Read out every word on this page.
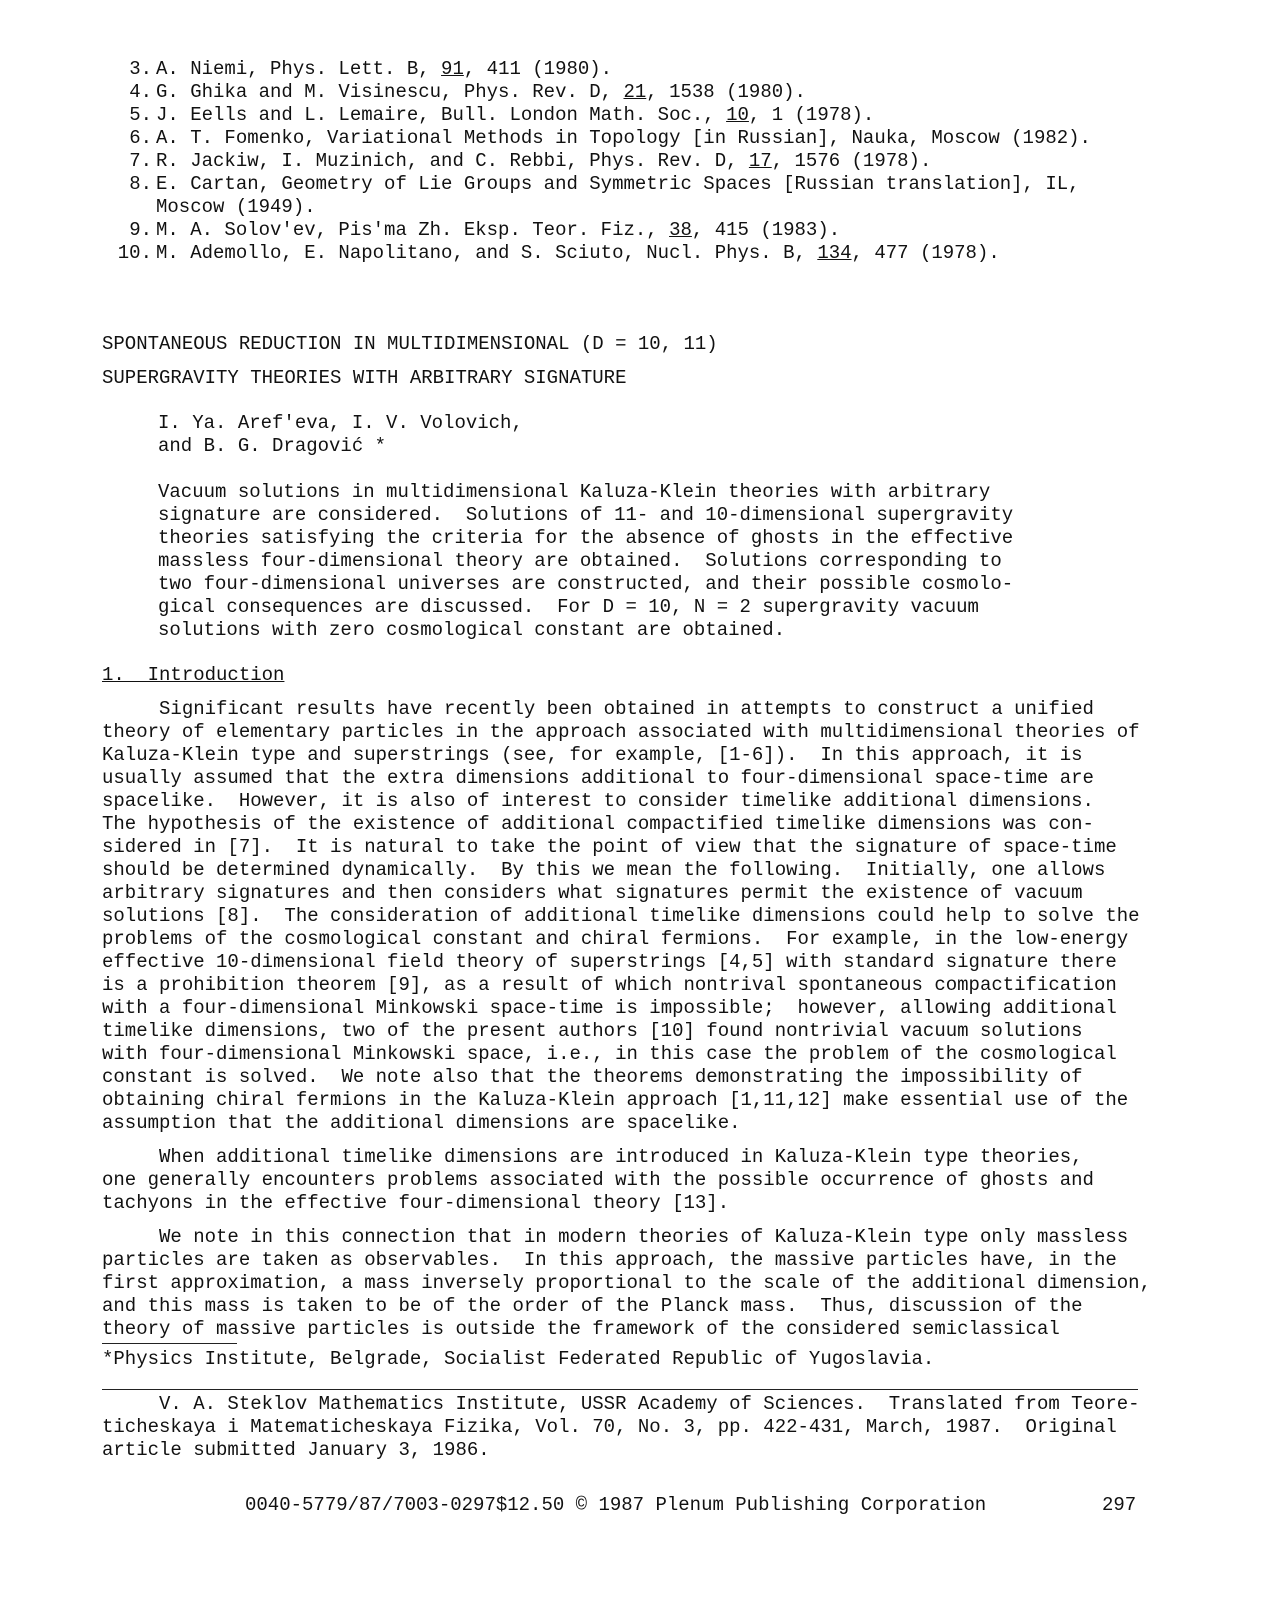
3. A. Niemi, Phys. Lett. B, 91, 411 (1980).
4. G. Ghika and M. Visinescu, Phys. Rev. D, 21, 1538 (1980).
5. J. Eells and L. Lemaire, Bull. London Math. Soc., 10, 1 (1978).
6. A. T. Fomenko, Variational Methods in Topology [in Russian], Nauka, Moscow (1982).
7. R. Jackiw, I. Muzinich, and C. Rebbi, Phys. Rev. D, 17, 1576 (1978).
8. E. Cartan, Geometry of Lie Groups and Symmetric Spaces [Russian translation], IL,
Moscow (1949).
9. M. A. Solov'ev, Pis'ma Zh. Eksp. Teor. Fiz., 38, 415 (1983).
10. M. Ademollo, E. Napolitano, and S. Sciuto, Nucl. Phys. B, 134, 477 (1978).
SPONTANEOUS REDUCTION IN MULTIDIMENSIONAL (D = 10, 11)
SUPERGRAVITY THEORIES WITH ARBITRARY SIGNATURE
I. Ya. Aref'eva, I. V. Volovich,
and B. G. Dragović *
Vacuum solutions in multidimensional Kaluza-Klein theories with arbitrary
signature are considered.  Solutions of 11- and 10-dimensional supergravity
theories satisfying the criteria for the absence of ghosts in the effective
massless four-dimensional theory are obtained.  Solutions corresponding to
two four-dimensional universes are constructed, and their possible cosmolo-
gical consequences are discussed.  For D = 10, N = 2 supergravity vacuum
solutions with zero cosmological constant are obtained.
1.  Introduction

Significant results have recently been obtained in attempts to construct a unified
theory of elementary particles in the approach associated with multidimensional theories of
Kaluza-Klein type and superstrings (see, for example, [1-6]).  In this approach, it is
usually assumed that the extra dimensions additional to four-dimensional space-time are
spacelike.  However, it is also of interest to consider timelike additional dimensions.
The hypothesis of the existence of additional compactified timelike dimensions was con-
sidered in [7].  It is natural to take the point of view that the signature of space-time
should be determined dynamically.  By this we mean the following.  Initially, one allows
arbitrary signatures and then considers what signatures permit the existence of vacuum
solutions [8].  The consideration of additional timelike dimensions could help to solve the
problems of the cosmological constant and chiral fermions.  For example, in the low-energy
effective 10-dimensional field theory of superstrings [4,5] with standard signature there
is a prohibition theorem [9], as a result of which nontrival spontaneous compactification
with a four-dimensional Minkowski space-time is impossible;  however, allowing additional
timelike dimensions, two of the present authors [10] found nontrivial vacuum solutions
with four-dimensional Minkowski space, i.e., in this case the problem of the cosmological
constant is solved.  We note also that the theorems demonstrating the impossibility of
obtaining chiral fermions in the Kaluza-Klein approach [1,11,12] make essential use of the
assumption that the additional dimensions are spacelike.

When additional timelike dimensions are introduced in Kaluza-Klein type theories,
one generally encounters problems associated with the possible occurrence of ghosts and
tachyons in the effective four-dimensional theory [13].

We note in this connection that in modern theories of Kaluza-Klein type only massless
particles are taken as observables.  In this approach, the massive particles have, in the
first approximation, a mass inversely proportional to the scale of the additional dimension,
and this mass is taken to be of the order of the Planck mass.  Thus, discussion of the
theory of massive particles is outside the framework of the considered semiclassical

*Physics Institute, Belgrade, Socialist Federated Republic of Yugoslavia.
V. A. Steklov Mathematics Institute, USSR Academy of Sciences.  Translated from Teore-
ticheskaya i Matematicheskaya Fizika, Vol. 70, No. 3, pp. 422-431, March, 1987.  Original
article submitted January 3, 1986.
0040-5779/87/7003-0297$12.50 © 1987 Plenum Publishing Corporation	297
